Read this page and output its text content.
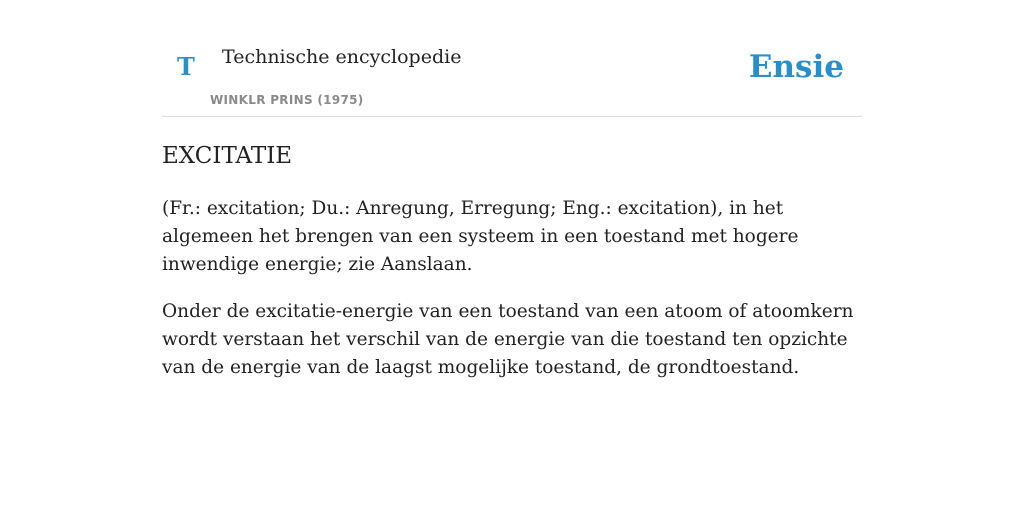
T Technische encyclopedie
WINKLR PRINS (1975)
Ensie
EXCITATIE

(Fr.: excitation; Du.: Anregung, Erregung; Eng.: excitation), in het algemeen het brengen van een systeem in een toestand met hogere inwendige energie; zie Aanslaan.

Onder de excitatie-energie van een toestand van een atoom of atoomkern wordt verstaan het verschil van de energie van die toestand ten opzichte van de energie van de laagst mogelijke toestand, de grondtoestand.
